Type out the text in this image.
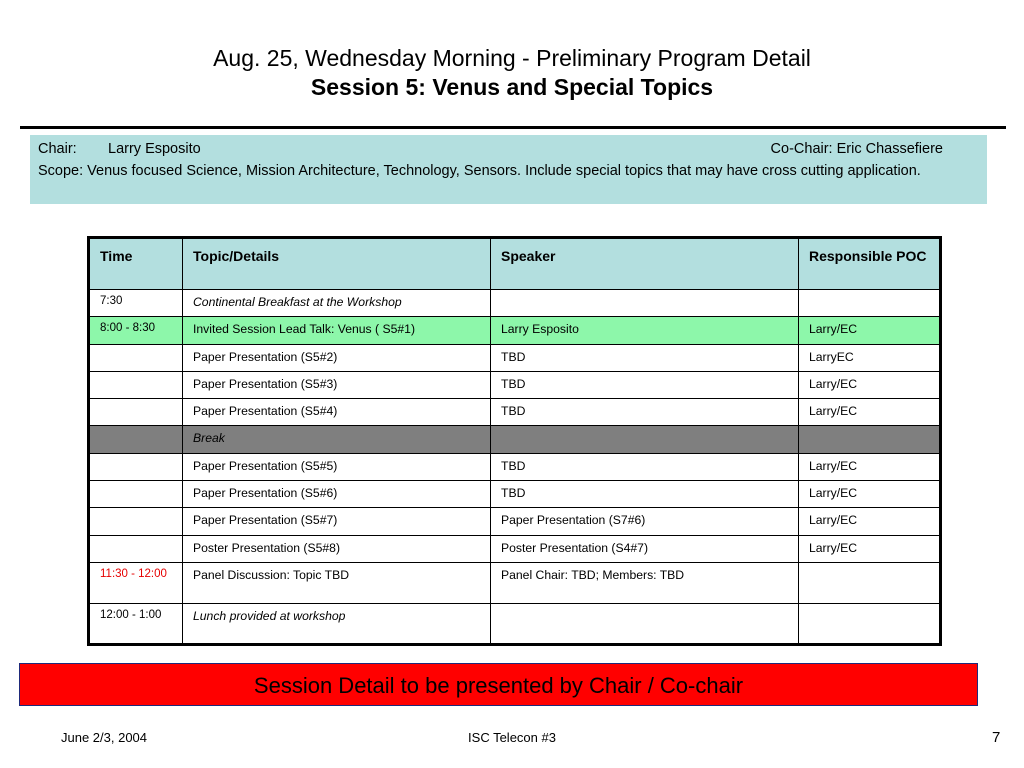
Aug. 25, Wednesday Morning - Preliminary Program Detail
Session 5: Venus and Special Topics
Chair: Larry Esposito	Co-Chair: Eric Chassefiere

Scope: Venus focused Science, Mission Architecture, Technology, Sensors. Include special topics that may have cross cutting application.

Time	Topic/Details	Speaker	Responsible POC
7:30	Continental Breakfast at the Workshop		
8:00 - 8:30	Invited Session Lead Talk: Venus ( S5#1)	Larry Esposito	Larry/EC
	Paper Presentation (S5#2)	TBD	LarryEC
	Paper Presentation (S5#3)	TBD	Larry/EC
	Paper Presentation (S5#4)	TBD	Larry/EC
	Break		
	Paper Presentation (S5#5)	TBD	Larry/EC
	Paper Presentation (S5#6)	TBD	Larry/EC
	Paper Presentation (S5#7)	Paper Presentation (S7#6)	Larry/EC
	Poster Presentation (S5#8)	Poster Presentation (S4#7)	Larry/EC
11:30 - 12:00	Panel Discussion: Topic TBD	Panel Chair: TBD; Members: TBD	
12:00 - 1:00	Lunch provided at workshop		
Session Detail to be presented by Chair / Co-chair
June 2/3, 2004	ISC Telecon #3	7
